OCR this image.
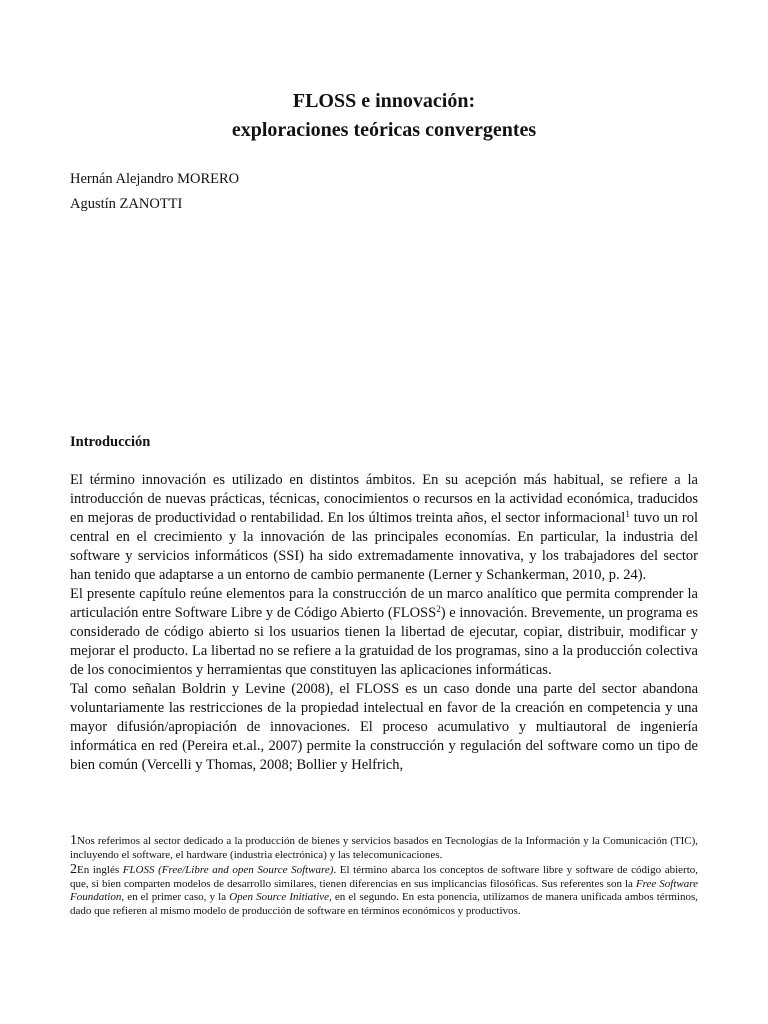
FLOSS e innovación:
exploraciones teóricas convergentes
Hernán Alejandro MORERO
Agustín ZANOTTI
Introducción

El término innovación es utilizado en distintos ámbitos. En su acepción más habitual, se refiere a la introducción de nuevas prácticas, técnicas, conocimientos o recursos en la actividad económica, traducidos en mejoras de productividad o rentabilidad. En los últimos treinta años, el sector informacional$^1$ tuvo un rol central en el crecimiento y la innovación de las principales economías. En particular, la industria del software y servicios informáticos (SSI) ha sido extremadamente innovativa, y los trabajadores del sector han tenido que adaptarse a un entorno de cambio permanente (Lerner y Schankerman, 2010, p. 24).

El presente capítulo reúne elementos para la construcción de un marco analítico que permita comprender la articulación entre Software Libre y de Código Abierto (FLOSS$^2$) e innovación. Brevemente, un programa es considerado de código abierto si los usuarios tienen la libertad de ejecutar, copiar, distribuir, modificar y mejorar el producto. La libertad no se refiere a la gratuidad de los programas, sino a la producción colectiva de los conocimientos y herramientas que constituyen las aplicaciones informáticas.

Tal como señalan Boldrin y Levine (2008), el FLOSS es un caso donde una parte del sector abandona voluntariamente las restricciones de la propiedad intelectual en favor de la creación en competencia y una mayor difusión/apropiación de innovaciones. El proceso acumulativo y multiautoral de ingeniería informática en red (Pereira et.al., 2007) permite la construcción y regulación del software como un tipo de bien común (Vercelli y Thomas, 2008; Bollier y Helfrich,

1Nos referimos al sector dedicado a la producción de bienes y servicios basados en Tecnologías de la Información y la Comunicación (TIC), incluyendo el software, el hardware (industria electrónica) y las telecomunicaciones.

2En inglés FLOSS (Free/Libre and open Source Software). El término abarca los conceptos de software libre y software de código abierto, que, si bien comparten modelos de desarrollo similares, tienen diferencias en sus implicancias filosóficas. Sus referentes son la Free Software Foundation, en el primer caso, y la Open Source Initiative, en el segundo. En esta ponencia, utilizamos de manera unificada ambos términos, dado que refieren al mismo modelo de producción de software en términos económicos y productivos.
